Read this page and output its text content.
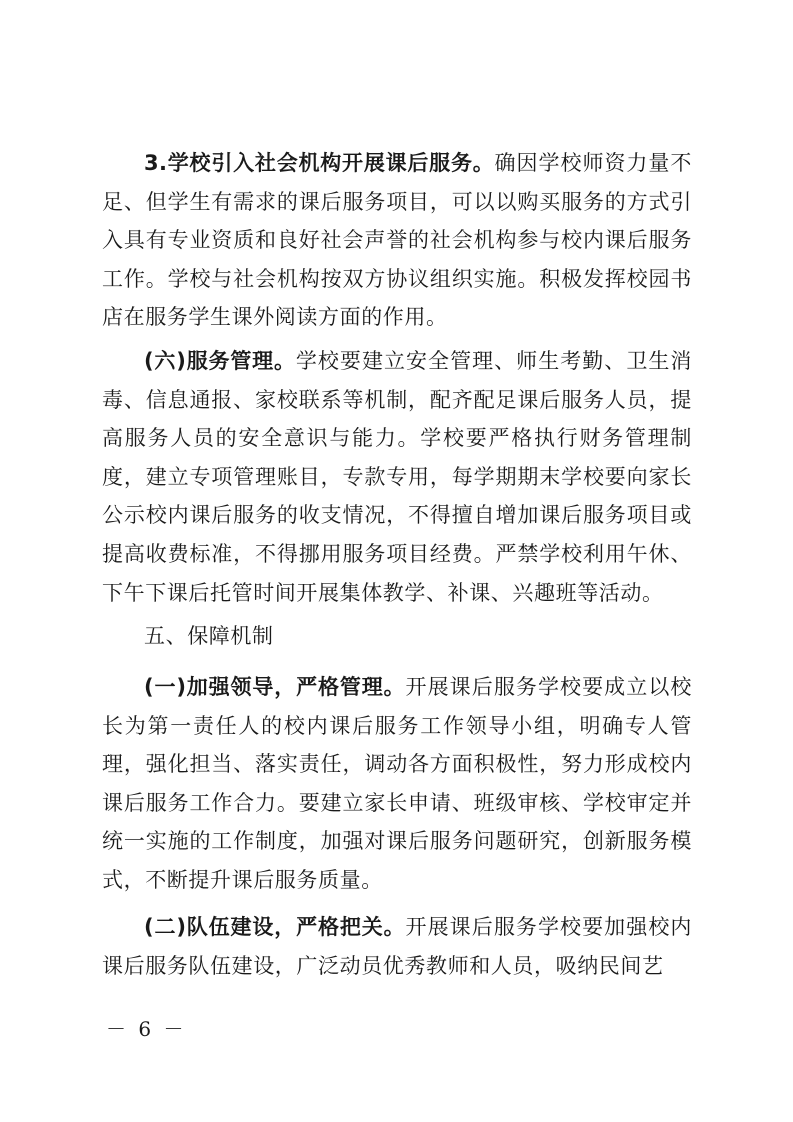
3.学校引入社会机构开展课后服务。确因学校师资力量不足、但学生有需求的课后服务项目，可以以购买服务的方式引入具有专业资质和良好社会声誉的社会机构参与校内课后服务工作。学校与社会机构按双方协议组织实施。积极发挥校园书店在服务学生课外阅读方面的作用。

(六)服务管理。学校要建立安全管理、师生考勤、卫生消毒、信息通报、家校联系等机制，配齐配足课后服务人员，提高服务人员的安全意识与能力。学校要严格执行财务管理制度，建立专项管理账目，专款专用，每学期期末学校要向家长公示校内课后服务的收支情况，不得擅自增加课后服务项目或提高收费标准，不得挪用服务项目经费。严禁学校利用午休、下午下课后托管时间开展集体教学、补课、兴趣班等活动。

五、保障机制

(一)加强领导，严格管理。开展课后服务学校要成立以校长为第一责任人的校内课后服务工作领导小组，明确专人管理，强化担当、落实责任，调动各方面积极性，努力形成校内课后服务工作合力。要建立家长申请、班级审核、学校审定并统一实施的工作制度，加强对课后服务问题研究，创新服务模式，不断提升课后服务质量。

(二)队伍建设，严格把关。开展课后服务学校要加强校内课后服务队伍建设，广泛动员优秀教师和人员，吸纳民间艺

－ 6 －
